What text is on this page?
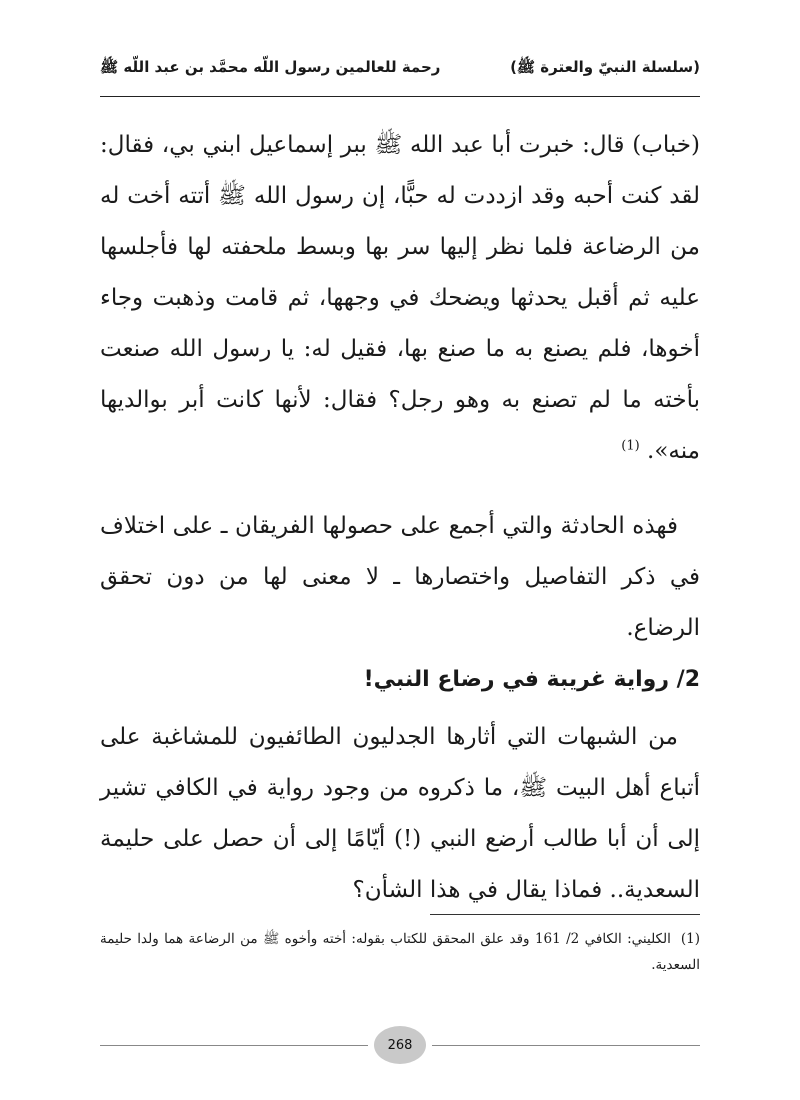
(سلسلة النبيّ والعترة ﷺ)
رحمة للعالمين رسول اللّه محمَّد بن عبد اللّه ﷺ

(خباب) قال: خبرت أبا عبد الله ﷺ ببر إسماعيل ابني بي، فقال: لقد كنت أحبه وقد ازددت له حبًّا، إن رسول الله ﷺ أتته أخت له من الرضاعة فلما نظر إليها سر بها وبسط ملحفته لها فأجلسها عليه ثم أقبل يحدثها ويضحك في وجهها، ثم قامت وذهبت وجاء أخوها، فلم يصنع به ما صنع بها، فقيل له: يا رسول الله صنعت بأخته ما لم تصنع به وهو رجل؟ فقال: لأنها كانت أبر بوالديها منه». $^{(1)}$

فهذه الحادثة والتي أجمع على حصولها الفريقان ـ على اختلاف في ذكر التفاصيل واختصارها ـ لا معنى لها من دون تحقق الرضاع.

2/ رواية غريبة في رضاع النبي!

من الشبهات التي أثارها الجدليون الطائفيون للمشاغبة على أتباع أهل البيت ﷺ، ما ذكروه من وجود رواية في الكافي تشير إلى أن أبا طالب أرضع النبي (!) أيّامًا إلى أن حصل على حليمة السعدية.. فماذا يقال في هذا الشأن؟

(1)الكليني: الكافي 2/ 161 وقد علق المحقق للكتاب بقوله: أخته وأخوه ﷺ من الرضاعة هما ولدا حليمة السعدية.
268
